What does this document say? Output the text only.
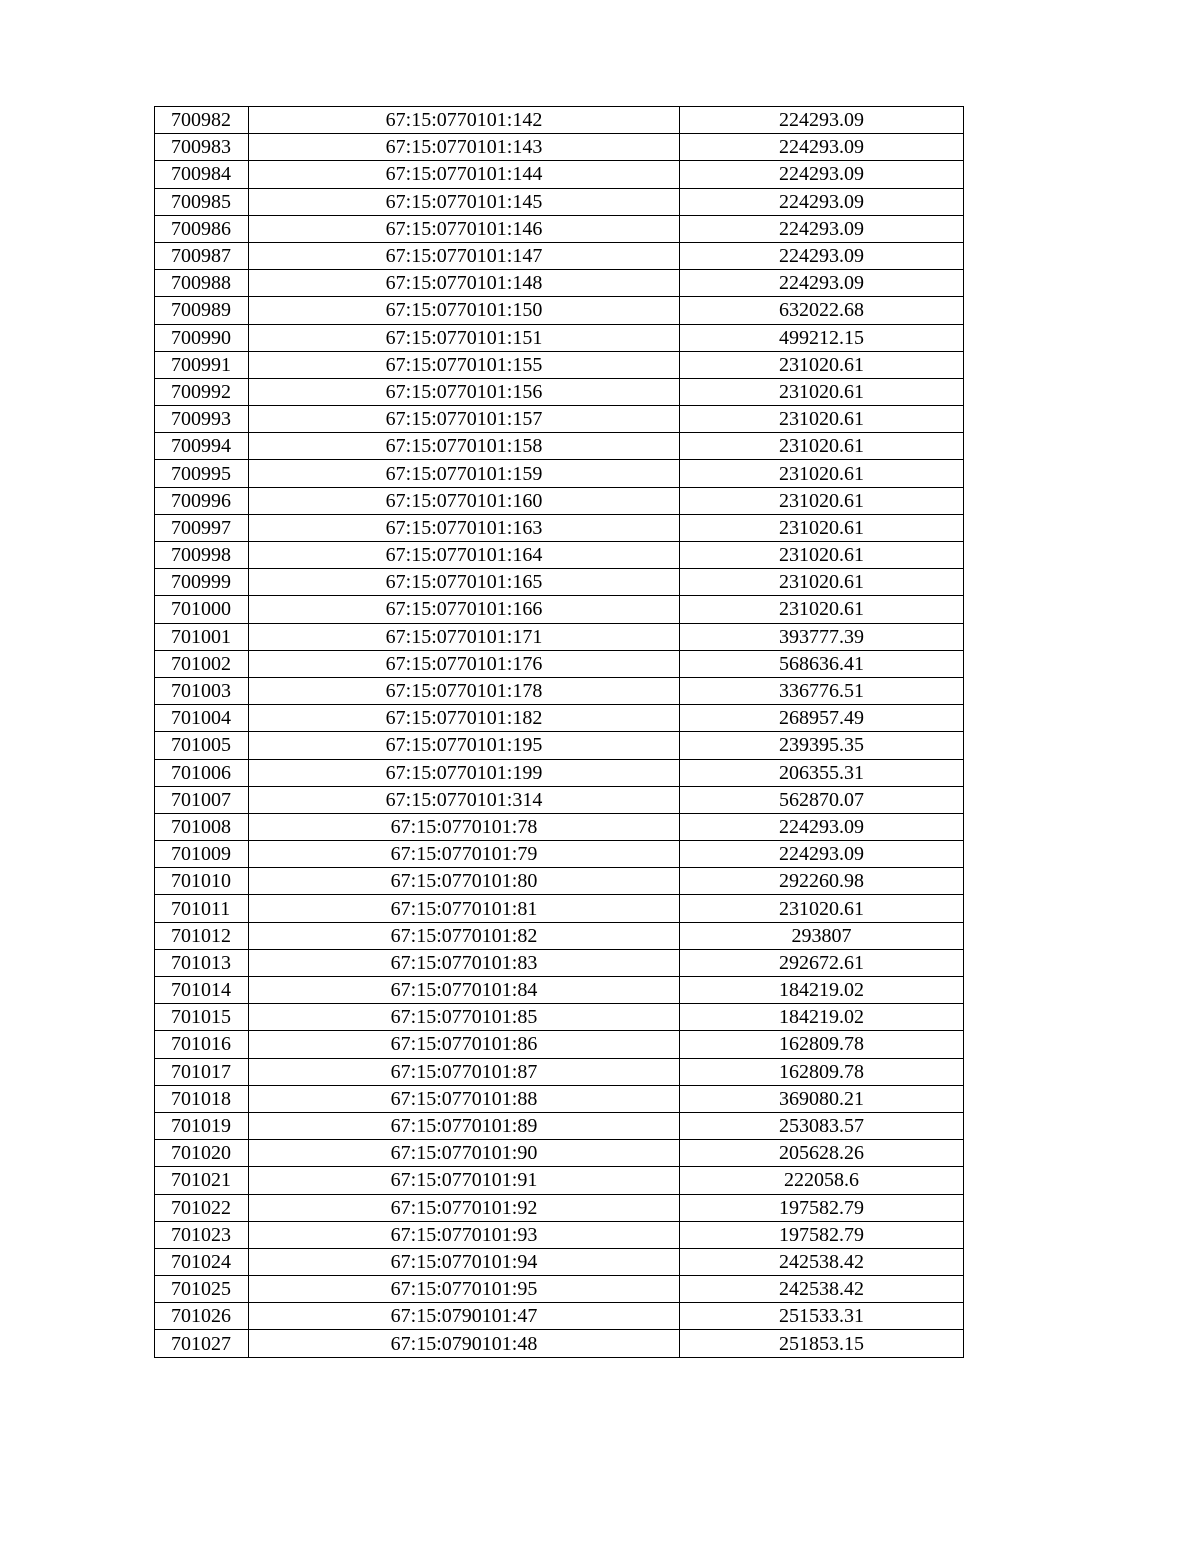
700982	67:15:0770101:142	224293.09
700983	67:15:0770101:143	224293.09
700984	67:15:0770101:144	224293.09
700985	67:15:0770101:145	224293.09
700986	67:15:0770101:146	224293.09
700987	67:15:0770101:147	224293.09
700988	67:15:0770101:148	224293.09
700989	67:15:0770101:150	632022.68
700990	67:15:0770101:151	499212.15
700991	67:15:0770101:155	231020.61
700992	67:15:0770101:156	231020.61
700993	67:15:0770101:157	231020.61
700994	67:15:0770101:158	231020.61
700995	67:15:0770101:159	231020.61
700996	67:15:0770101:160	231020.61
700997	67:15:0770101:163	231020.61
700998	67:15:0770101:164	231020.61
700999	67:15:0770101:165	231020.61
701000	67:15:0770101:166	231020.61
701001	67:15:0770101:171	393777.39
701002	67:15:0770101:176	568636.41
701003	67:15:0770101:178	336776.51
701004	67:15:0770101:182	268957.49
701005	67:15:0770101:195	239395.35
701006	67:15:0770101:199	206355.31
701007	67:15:0770101:314	562870.07
701008	67:15:0770101:78	224293.09
701009	67:15:0770101:79	224293.09
701010	67:15:0770101:80	292260.98
701011	67:15:0770101:81	231020.61
701012	67:15:0770101:82	293807
701013	67:15:0770101:83	292672.61
701014	67:15:0770101:84	184219.02
701015	67:15:0770101:85	184219.02
701016	67:15:0770101:86	162809.78
701017	67:15:0770101:87	162809.78
701018	67:15:0770101:88	369080.21
701019	67:15:0770101:89	253083.57
701020	67:15:0770101:90	205628.26
701021	67:15:0770101:91	222058.6
701022	67:15:0770101:92	197582.79
701023	67:15:0770101:93	197582.79
701024	67:15:0770101:94	242538.42
701025	67:15:0770101:95	242538.42
701026	67:15:0790101:47	251533.31
701027	67:15:0790101:48	251853.15
